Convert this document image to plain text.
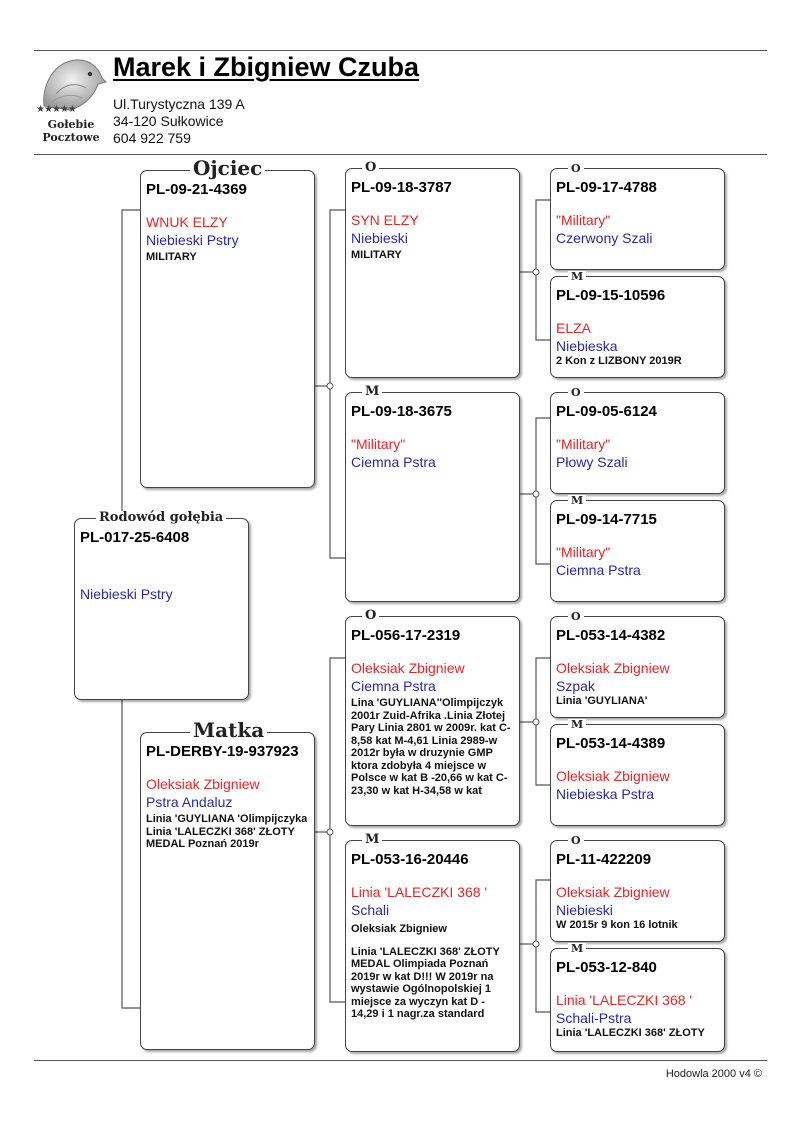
★★★★★
Gołebie
Pocztowe
Marek i Zbigniew Czuba
Ul.Turystyczna 139 A
34-120 Sułkowice
604 922 759
PL-017-25-6408
Niebieski Pstry
Rodowód gołębia
PL-09-21-4369
WNUK ELZY
Niebieski Pstry
MILITARY
Ojciec
PL-DERBY-19-937923
Oleksiak Zbigniew
Pstra Andaluz
Linia 'GUYLIANA 'Olimpijczyka Linia 'LALECZKI 368' ZŁOTY MEDAL Poznań 2019r
Matka
PL-09-18-3787
SYN ELZY
Niebieski
MILITARY
O
PL-09-18-3675
"Military"
Ciemna Pstra
M
PL-056-17-2319
Oleksiak Zbigniew
Ciemna Pstra
Lina 'GUYLIANA''Olimpijczyk 2001r Zuid-Afrika .Linia Złotej Pary Linia 2801 w 2009r. kat C-8,58 kat M-4,61 Linia 2989-w 2012r była w druzynie GMP ktora zdobyła 4 miejsce w Polsce w kat B -20,66 w kat C-23,30 w kat H-34,58 w kat
O
PL-053-16-20446
Linia 'LALECZKI 368 '
Schali
Oleksiak Zbigniew
Linia 'LALECZKI 368' ZŁOTY MEDAL Olimpiada Poznań 2019r w kat D!!! W 2019r na wystawie Ogólnopolskiej 1 miejsce za wyczyn kat D - 14,29 i 1 nagr.za standard
M
PL-09-17-4788
"Military"
Czerwony Szali
O
PL-09-15-10596
ELZA
Niebieska
2 Kon z LIZBONY 2019R
M
PL-09-05-6124
"Military"
Płowy Szali
O
PL-09-14-7715
"Military"
Ciemna Pstra
M
PL-053-14-4382
Oleksiak Zbigniew
Szpak
Linia 'GUYLIANA'
O
PL-053-14-4389
Oleksiak Zbigniew
Niebieska Pstra
M
PL-11-422209
Oleksiak Zbigniew
Niebieski
W 2015r 9 kon 16 lotnik
O
PL-053-12-840
Linia 'LALECZKI 368 '
Schali-Pstra
Linia 'LALECZKI 368' ZŁOTY
M
Hodowla 2000 v4 ©
